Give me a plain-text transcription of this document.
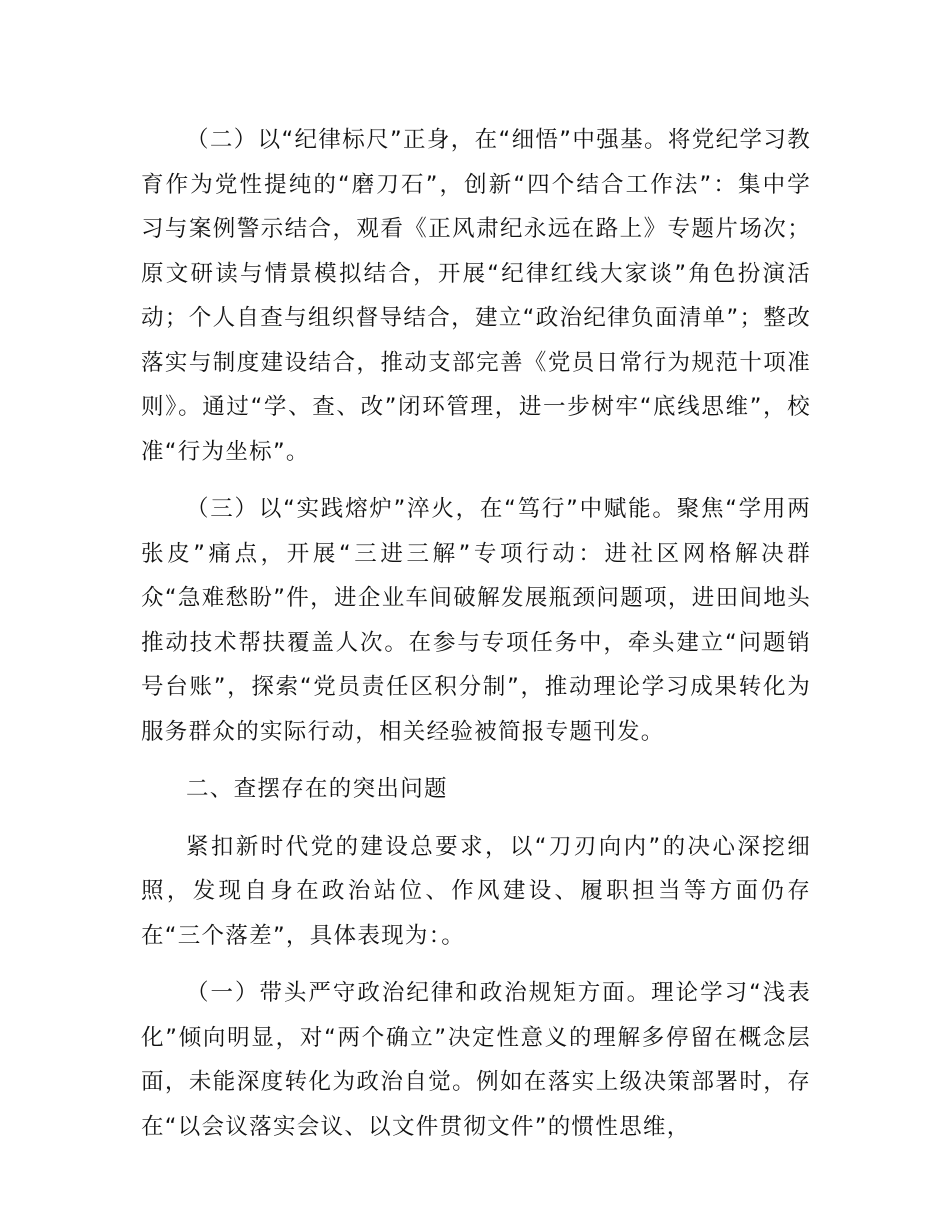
（二）以“纪律标尺”正身，在“细悟”中强基。将党纪学习教育作为党性提纯的“磨刀石”，创新“四个结合工作法”：集中学习与案例警示结合，观看《正风肃纪永远在路上》专题片场次；原文研读与情景模拟结合，开展“纪律红线大家谈”角色扮演活动；个人自查与组织督导结合，建立“政治纪律负面清单”；整改落实与制度建设结合，推动支部完善《党员日常行为规范十项准则》。通过“学、查、改”闭环管理，进一步树牢“底线思维”，校准“行为坐标”。

（三）以“实践熔炉”淬火，在“笃行”中赋能。聚焦“学用两张皮”痛点，开展“三进三解”专项行动：进社区网格解决群众“急难愁盼”件，进企业车间破解发展瓶颈问题项，进田间地头推动技术帮扶覆盖人次。在参与专项任务中，牵头建立“问题销号台账”，探索“党员责任区积分制”，推动理论学习成果转化为服务群众的实际行动，相关经验被简报专题刊发。

二、查摆存在的突出问题

紧扣新时代党的建设总要求，以“刀刃向内”的决心深挖细照，发现自身在政治站位、作风建设、履职担当等方面仍存在“三个落差”，具体表现为：。

（一）带头严守政治纪律和政治规矩方面。理论学习“浅表化”倾向明显，对“两个确立”决定性意义的理解多停留在概念层面，未能深度转化为政治自觉。例如在落实上级决策部署时，存在“以会议落实会议、以文件贯彻文件”的惯性思维，
